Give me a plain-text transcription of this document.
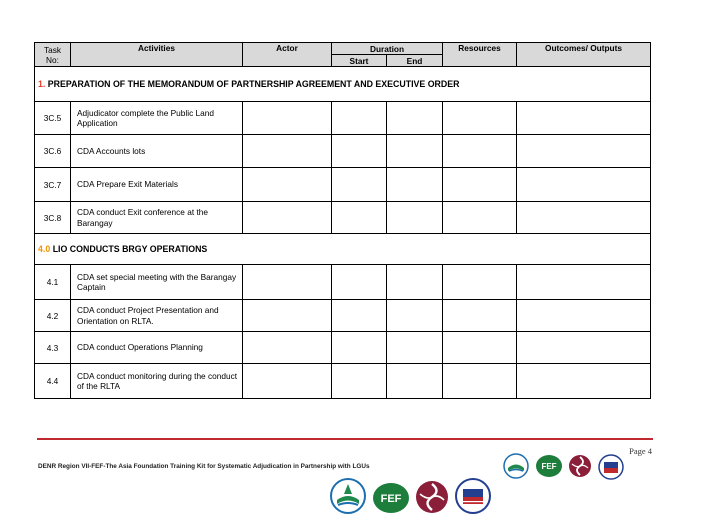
Task
No:	Activities	Actor	Duration		Resources	Outcomes/ Outputs
			Start	End		
1. PREPARATION OF THE MEMORANDUM OF PARTNERSHIP AGREEMENT AND EXECUTIVE ORDER						
3C.5	Adjudicator complete the Public Land Application					
3C.6	CDA Accounts lots					
3C.7	CDA Prepare Exit Materials					
3C.8	CDA conduct Exit conference at the Barangay					
4.0 LIO CONDUCTS BRGY OPERATIONS						
4.1	CDA set special meeting with the Barangay Captain					
4.2	CDA conduct Project Presentation and Orientation on RLTA.					
4.3	CDA conduct Operations Planning					
4.4	CDA conduct monitoring during the conduct of the RLTA					
Page 4
DENR Region VII-FEF-The Asia Foundation Training Kit for Systematic Adjudication in Partnership with LGUs	FEF
FEF
